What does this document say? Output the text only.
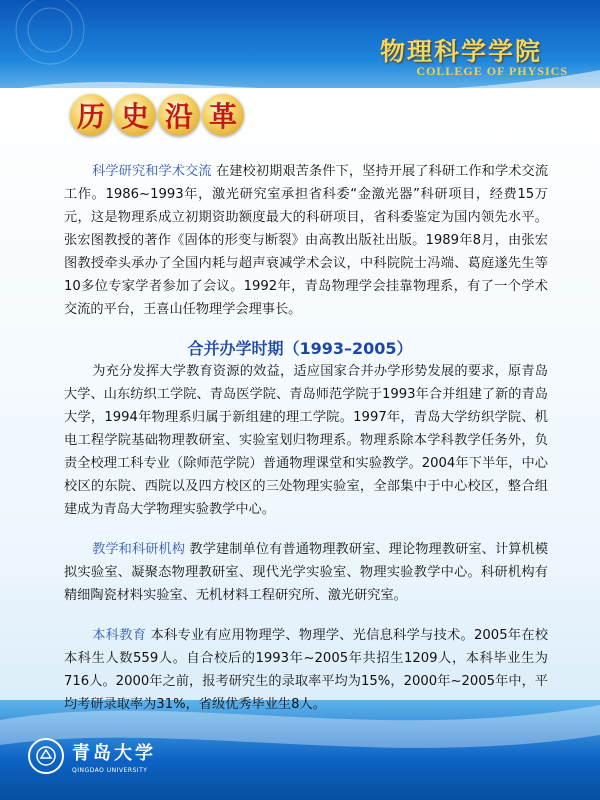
物理科学学院
COLLEGE OF PHYSICS
历 史 沿 革
科学研究和学术交流 在建校初期艰苦条件下，坚持开展了科研工作和学术交流工作。1986~1993年，激光研究室承担省科委“金激光器”科研项目，经费15万元，这是物理系成立初期资助额度最大的科研项目，省科委鉴定为国内领先水平。张宏图教授的著作《固体的形变与断裂》由高教出版社出版。1989年8月，由张宏图教授牵头承办了全国内耗与超声衰减学术会议，中科院院士冯端、葛庭遂先生等10多位专家学者参加了会议。1992年，青岛物理学会挂靠物理系，有了一个学术交流的平台，王喜山任物理学会理事长。
合并办学时期（1993–2005）
为充分发挥大学教育资源的效益，适应国家合并办学形势发展的要求，原青岛大学、山东纺织工学院、青岛医学院、青岛师范学院于1993年合并组建了新的青岛大学，1994年物理系归属于新组建的理工学院。1997年，青岛大学纺织学院、机电工程学院基础物理教研室、实验室划归物理系。物理系除本学科教学任务外，负责全校理工科专业（除师范学院）普通物理课堂和实验教学。2004年下半年，中心校区的东院、西院以及四方校区的三处物理实验室，全部集中于中心校区，整合组建成为青岛大学物理实验教学中心。
教学和科研机构 教学建制单位有普通物理教研室、理论物理教研室、计算机模拟实验室、凝聚态物理教研室、现代光学实验室、物理实验教学中心。科研机构有精细陶瓷材料实验室、无机材料工程研究所、激光研究室。
本科教育 本科专业有应用物理学、物理学、光信息科学与技术。2005年在校本科生人数559人。自合校后的1993年~2005年共招生1209人，本科毕业生为716人。2000年之前，报考研究生的录取率平均为15%，2000年~2005年中，平均考研录取率为31%，省级优秀毕业生8人。
青岛大学
QINGDAO UNIVERSITY
